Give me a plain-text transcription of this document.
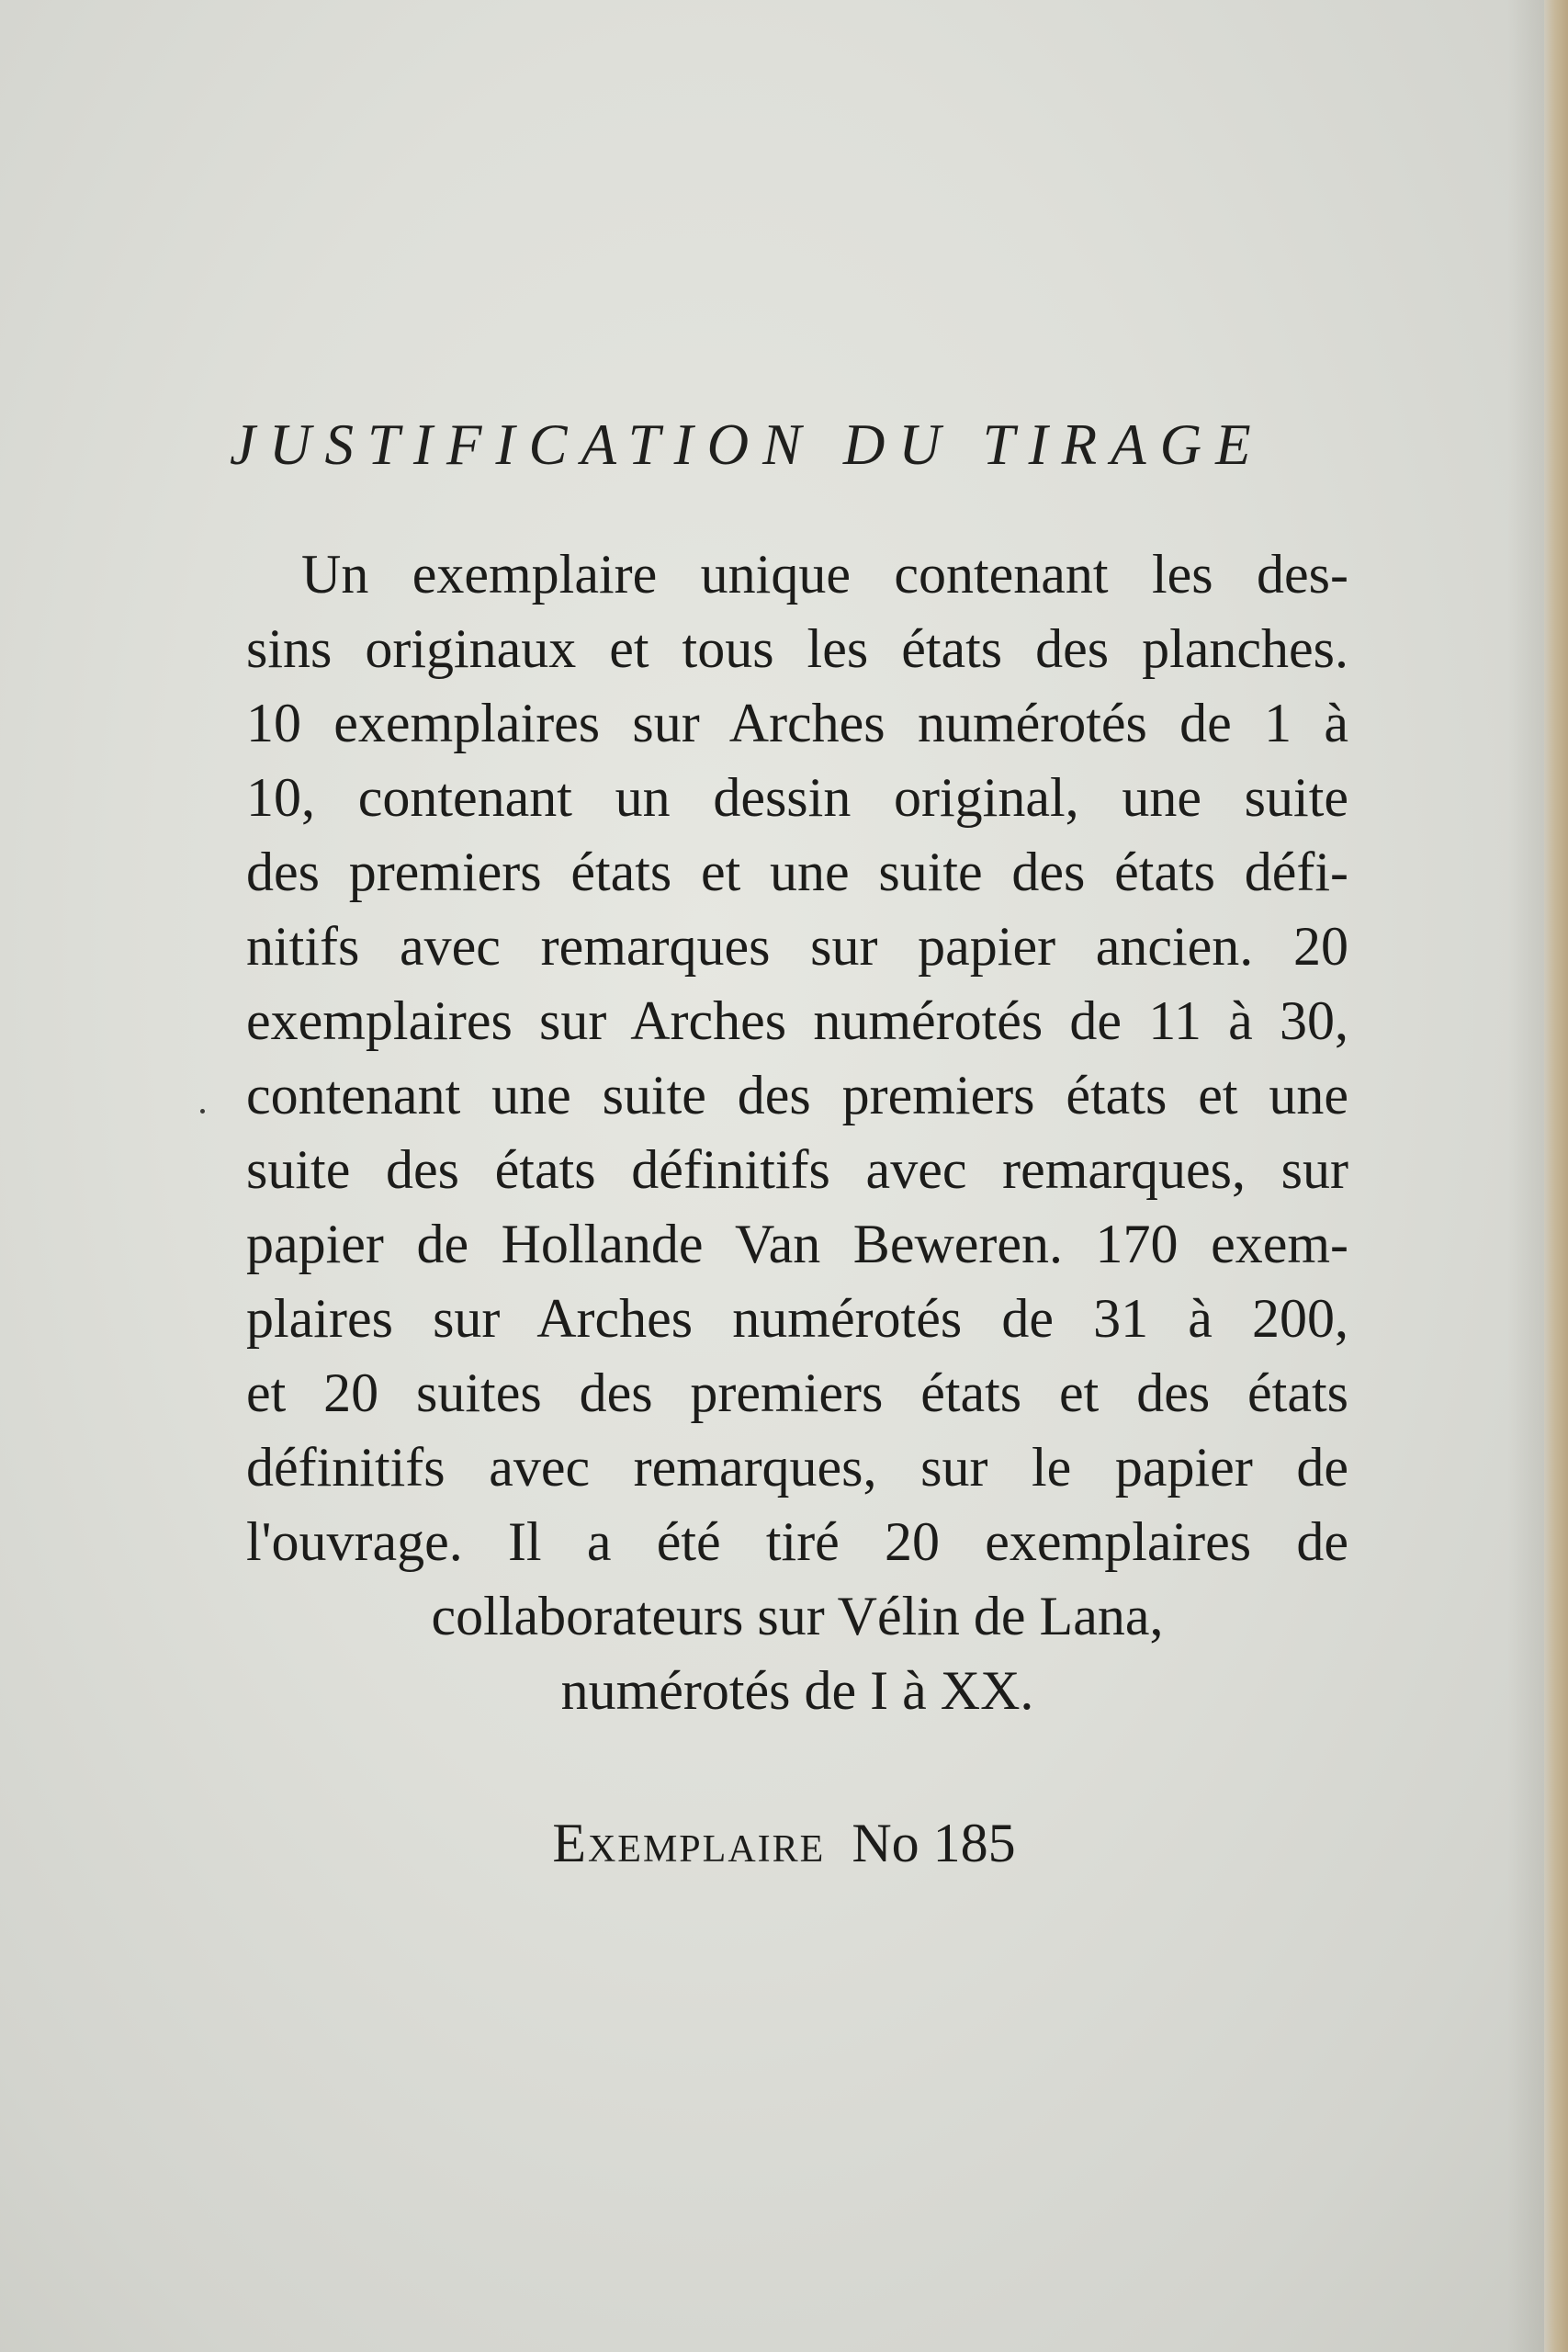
JUSTIFICATION DU TIRAGE
Un exemplaire unique contenant les des-
sins originaux et tous les états des planches.
10 exemplaires sur Arches numérotés de 1 à
10, contenant un dessin original, une suite
des premiers états et une suite des états défi-
nitifs avec remarques sur papier ancien. 20
exemplaires sur Arches numérotés de 11 à 30,
contenant une suite des premiers états et une
suite des états définitifs avec remarques, sur
papier de Hollande Van Beweren. 170 exem-
plaires sur Arches numérotés de 31 à 200,
et 20 suites des premiers états et des états
définitifs avec remarques, sur le papier de
l'ouvrage. Il a été tiré 20 exemplaires de
collaborateurs sur Vélin de Lana,
numérotés de I à XX.

Exemplaire No 185
